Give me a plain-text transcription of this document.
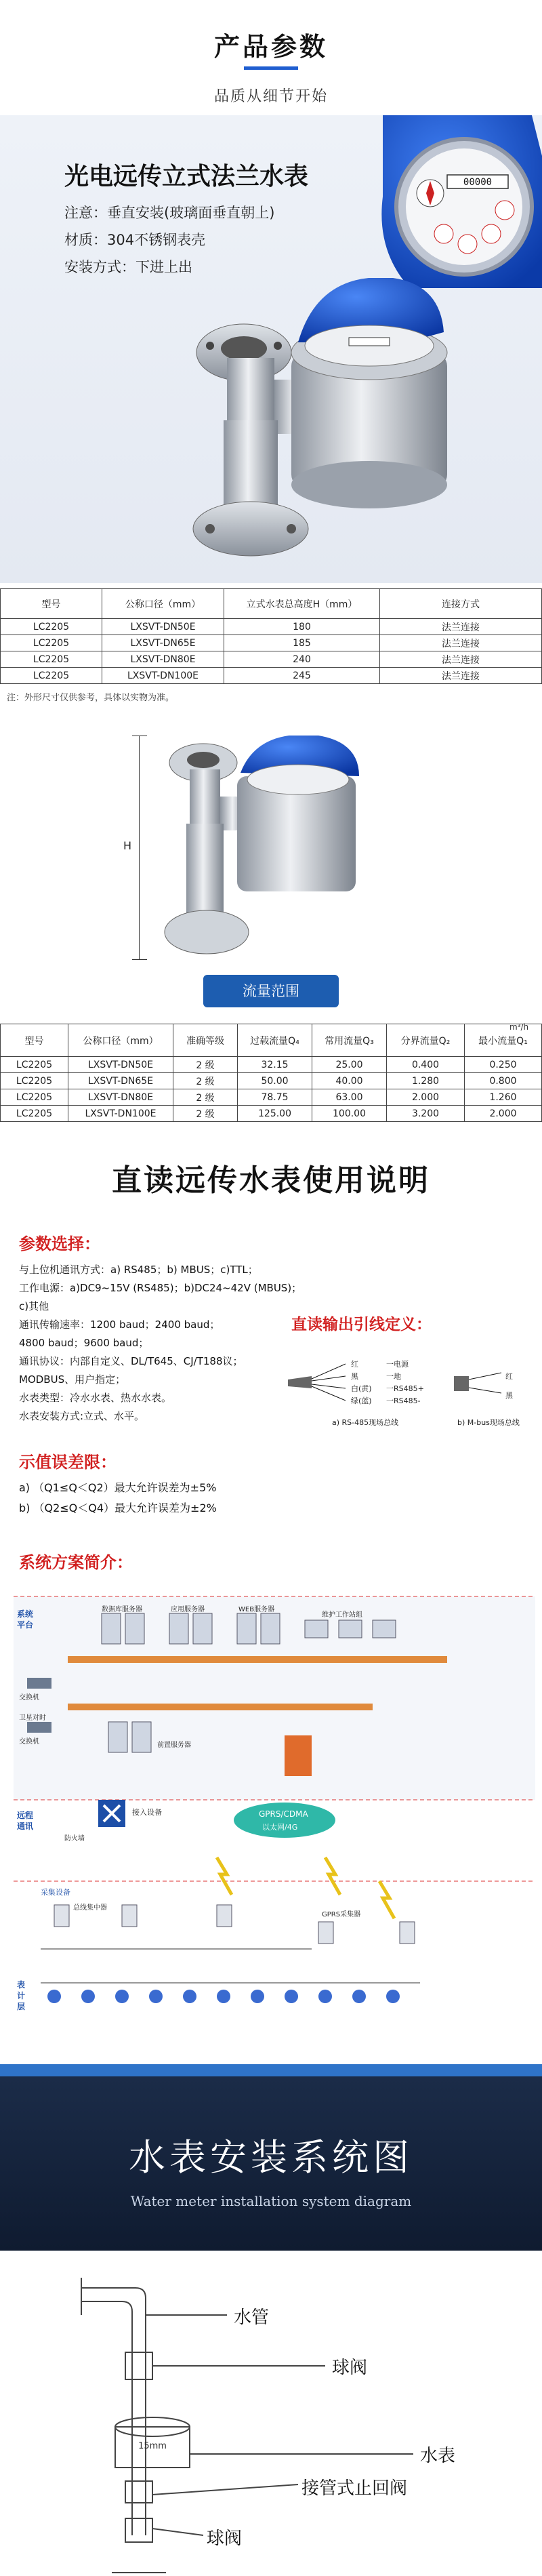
产品参数
品质从细节开始
光电远传立式法兰水表
注意：垂直安装(玻璃面垂直朝上)
材质：304不锈钢表壳
安装方式：下进上出
00000
型号	公称口径（mm）	立式水表总高度H（mm）	连接方式
LC2205	LXSVT-DN50E	180	法兰连接
LC2205	LXSVT-DN65E	185	法兰连接
LC2205	LXSVT-DN80E	240	法兰连接
LC2205	LXSVT-DN100E	245	法兰连接
注：外形尺寸仅供参考，具体以实物为准。
H
流量范围
m³/h
型号	公称口径（mm）	准确等级	过载流量Q₄	常用流量Q₃	分界流量Q₂	最小流量Q₁
LC2205	LXSVT-DN50E	2 级	32.15	25.00	0.400	0.250
LC2205	LXSVT-DN65E	2 级	50.00	40.00	1.280	0.800
LC2205	LXSVT-DN80E	2 级	78.75	63.00	2.000	1.260
LC2205	LXSVT-DN100E	2 级	125.00	100.00	3.200	2.000
直读远传水表使用说明
参数选择：
与上位机通讯方式：a) RS485；b) MBUS；c)TTL；
工作电源：a)DC9~15V (RS485)；b)DC24~42V (MBUS)；c)其他
通讯传输速率：1200 baud；2400 baud；
4800 baud；9600 baud；
通讯协议：内部自定义、DL/T645、CJ/T188议；
MODBUS、用户指定；
水表类型：冷水水表、热水水表。
水表安装方式:立式、水平。
直读输出引线定义：
红
黑
白(黄)
绿(蓝)
一电源
一地
一RS485+
一RS485-
红
黑
a) RS-485现场总线	b) M-bus现场总线
示值误差限：
a) （Q1≤Q＜Q2）最大允许误差为±5%
b) （Q2≤Q＜Q4）最大允许误差为±2%
系统方案简介：
系统平台
交换机
卫星对时
交换机
数据库服务器	应用服务器	WEB服务器
维护工作站组
前置服务器
接入设备
防火墙
GPRS/CDMA
以太网/4G
远程通讯
采集设备
总线集中器
GPRS采集器
表计层
水表安装系统图
Water meter installation system diagram
15mm
水管
球阀
水表
接管式止回阀
球阀
